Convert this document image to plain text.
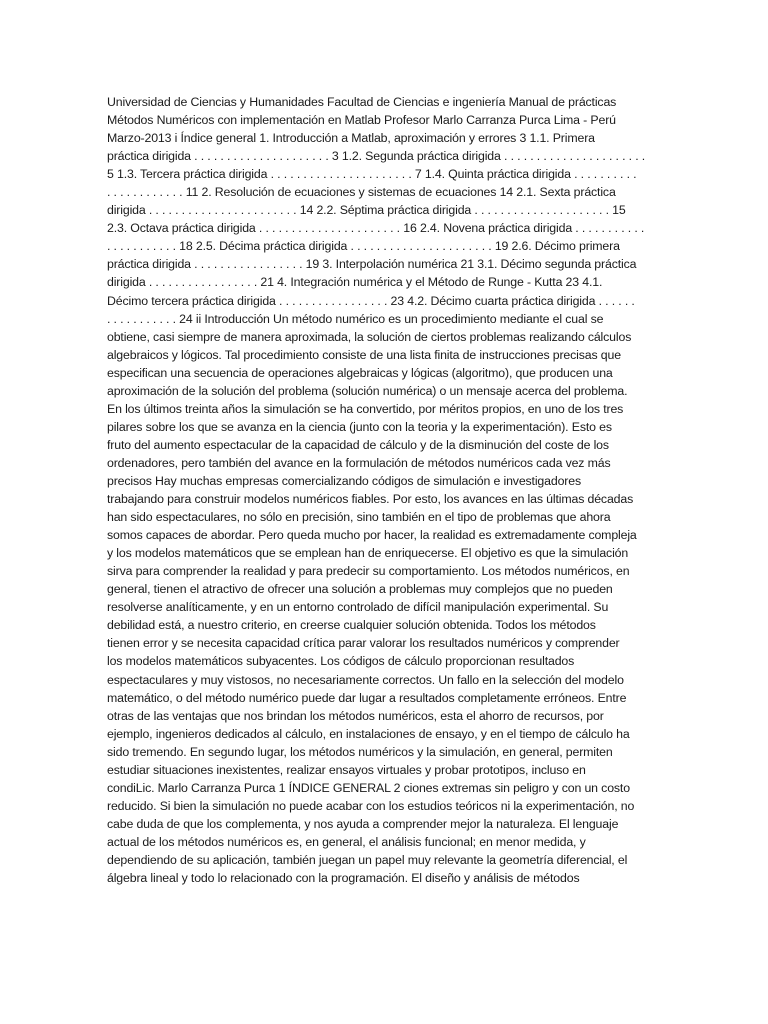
Universidad de Ciencias y Humanidades Facultad de Ciencias e ingeniería Manual de prácticas
Métodos Numéricos con implementación en Matlab Profesor Marlo Carranza Purca Lima - Perú
Marzo-2013 i Índice general 1. Introducción a Matlab, aproximación y errores 3 1.1. Primera
práctica dirigida . . . . . . . . . . . . . . . . . . . . . 3 1.2. Segunda práctica dirigida . . . . . . . . . . . . . . . . . . . . . .
5 1.3. Tercera práctica dirigida . . . . . . . . . . . . . . . . . . . . . . 7 1.4. Quinta práctica dirigida . . . . . . . . . .
. . . . . . . . . . . . 11 2. Resolución de ecuaciones y sistemas de ecuaciones 14 2.1. Sexta práctica
dirigida . . . . . . . . . . . . . . . . . . . . . . . 14 2.2. Séptima práctica dirigida . . . . . . . . . . . . . . . . . . . . . 15
2.3. Octava práctica dirigida . . . . . . . . . . . . . . . . . . . . . . 16 2.4. Novena práctica dirigida . . . . . . . . . . .
. . . . . . . . . . . 18 2.5. Décima práctica dirigida . . . . . . . . . . . . . . . . . . . . . . 19 2.6. Décimo primera
práctica dirigida . . . . . . . . . . . . . . . . . 19 3. Interpolación numérica 21 3.1. Décimo segunda práctica
dirigida . . . . . . . . . . . . . . . . . 21 4. Integración numérica y el Método de Runge - Kutta 23 4.1.
Décimo tercera práctica dirigida . . . . . . . . . . . . . . . . . 23 4.2. Décimo cuarta práctica dirigida . . . . . .
. . . . . . . . . . . 24 ii Introducción Un método numérico es un procedimiento mediante el cual se
obtiene, casi siempre de manera aproximada, la solución de ciertos problemas realizando cálculos
algebraicos y lógicos. Tal procedimiento consiste de una lista finita de instrucciones precisas que
especifican una secuencia de operaciones algebraicas y lógicas (algoritmo), que producen una
aproximación de la solución del problema (solución numérica) o un mensaje acerca del problema.
En los últimos treinta años la simulación se ha convertido, por méritos propios, en uno de los tres
pilares sobre los que se avanza en la ciencia (junto con la teoria y la experimentación). Esto es
fruto del aumento espectacular de la capacidad de cálculo y de la disminución del coste de los
ordenadores, pero también del avance en la formulación de métodos numéricos cada vez más
precisos Hay muchas empresas comercializando códigos de simulación e investigadores
trabajando para construir modelos numéricos fiables. Por esto, los avances en las últimas décadas
han sido espectaculares, no sólo en precisión, sino también en el tipo de problemas que ahora
somos capaces de abordar. Pero queda mucho por hacer, la realidad es extremadamente compleja
y los modelos matemáticos que se emplean han de enriquecerse. El objetivo es que la simulación
sirva para comprender la realidad y para predecir su comportamiento. Los métodos numéricos, en
general, tienen el atractivo de ofrecer una solución a problemas muy complejos que no pueden
resolverse analíticamente, y en un entorno controlado de difícil manipulación experimental. Su
debilidad está, a nuestro criterio, en creerse cualquier solución obtenida. Todos los métodos
tienen error y se necesita capacidad crítica parar valorar los resultados numéricos y comprender
los modelos matemáticos subyacentes. Los códigos de cálculo proporcionan resultados
espectaculares y muy vistosos, no necesariamente correctos. Un fallo en la selección del modelo
matemático, o del método numérico puede dar lugar a resultados completamente erróneos. Entre
otras de las ventajas que nos brindan los métodos numéricos, esta el ahorro de recursos, por
ejemplo, ingenieros dedicados al cálculo, en instalaciones de ensayo, y en el tiempo de cálculo ha
sido tremendo. En segundo lugar, los métodos numéricos y la simulación, en general, permiten
estudiar situaciones inexistentes, realizar ensayos virtuales y probar prototipos, incluso en
condiLic. Marlo Carranza Purca 1 ÍNDICE GENERAL 2 ciones extremas sin peligro y con un costo
reducido. Si bien la simulación no puede acabar con los estudios teóricos ni la experimentación, no
cabe duda de que los complementa, y nos ayuda a comprender mejor la naturaleza. El lenguaje
actual de los métodos numéricos es, en general, el análisis funcional; en menor medida, y
dependiendo de su aplicación, también juegan un papel muy relevante la geometría diferencial, el
álgebra lineal y todo lo relacionado con la programación. El diseño y análisis de métodos
